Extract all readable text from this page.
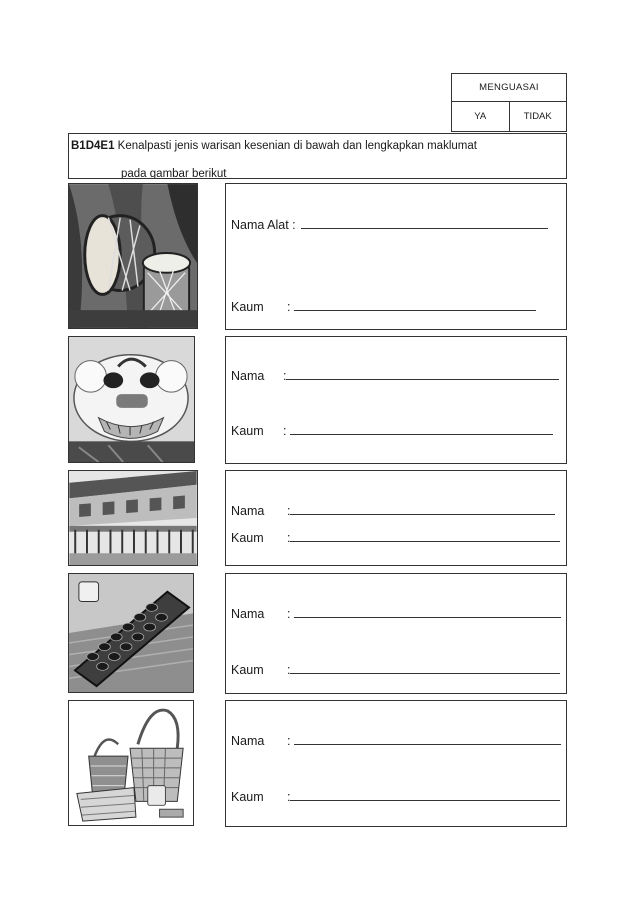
MENGUASAI
YA	TIDAK
B1D4E1 Kenalpasti jenis warisan kesenian di bawah dan lengkapkan maklumat
pada gambar berikut
Nama Alat :
Kaum :
Nama :
Kaum :
Nama :
Kaum :
Nama :
Kaum :
Nama :
Kaum :
